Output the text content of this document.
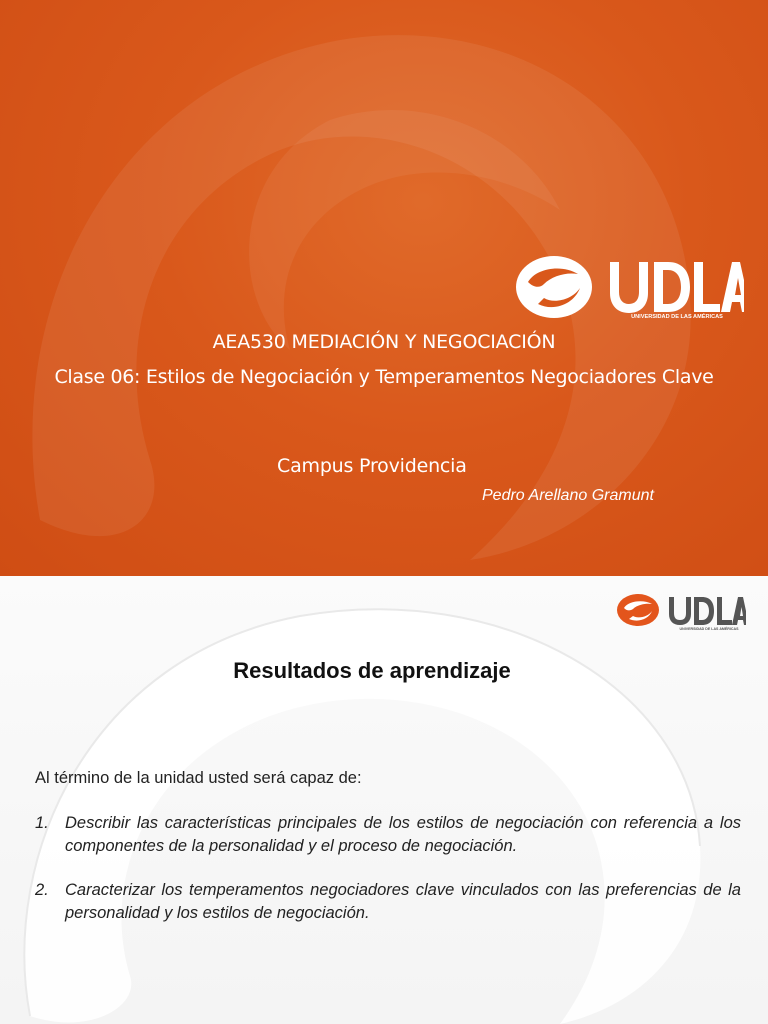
UNIVERSIDAD DE LAS AMÉRICAS
AEA530 MEDIACIÓN Y NEGOCIACIÓN
Clase 06: Estilos de Negociación y Temperamentos Negociadores Clave
Campus Providencia
Pedro Arellano Gramunt
UNIVERSIDAD DE LAS AMÉRICAS
Resultados de aprendizaje
Al término de la unidad usted será capaz de:
1. Describir las características principales de los estilos de negociación con referencia a los componentes de la personalidad y el proceso de negociación.
2. Caracterizar los temperamentos negociadores clave vinculados con las preferencias de la personalidad y los estilos de negociación.
